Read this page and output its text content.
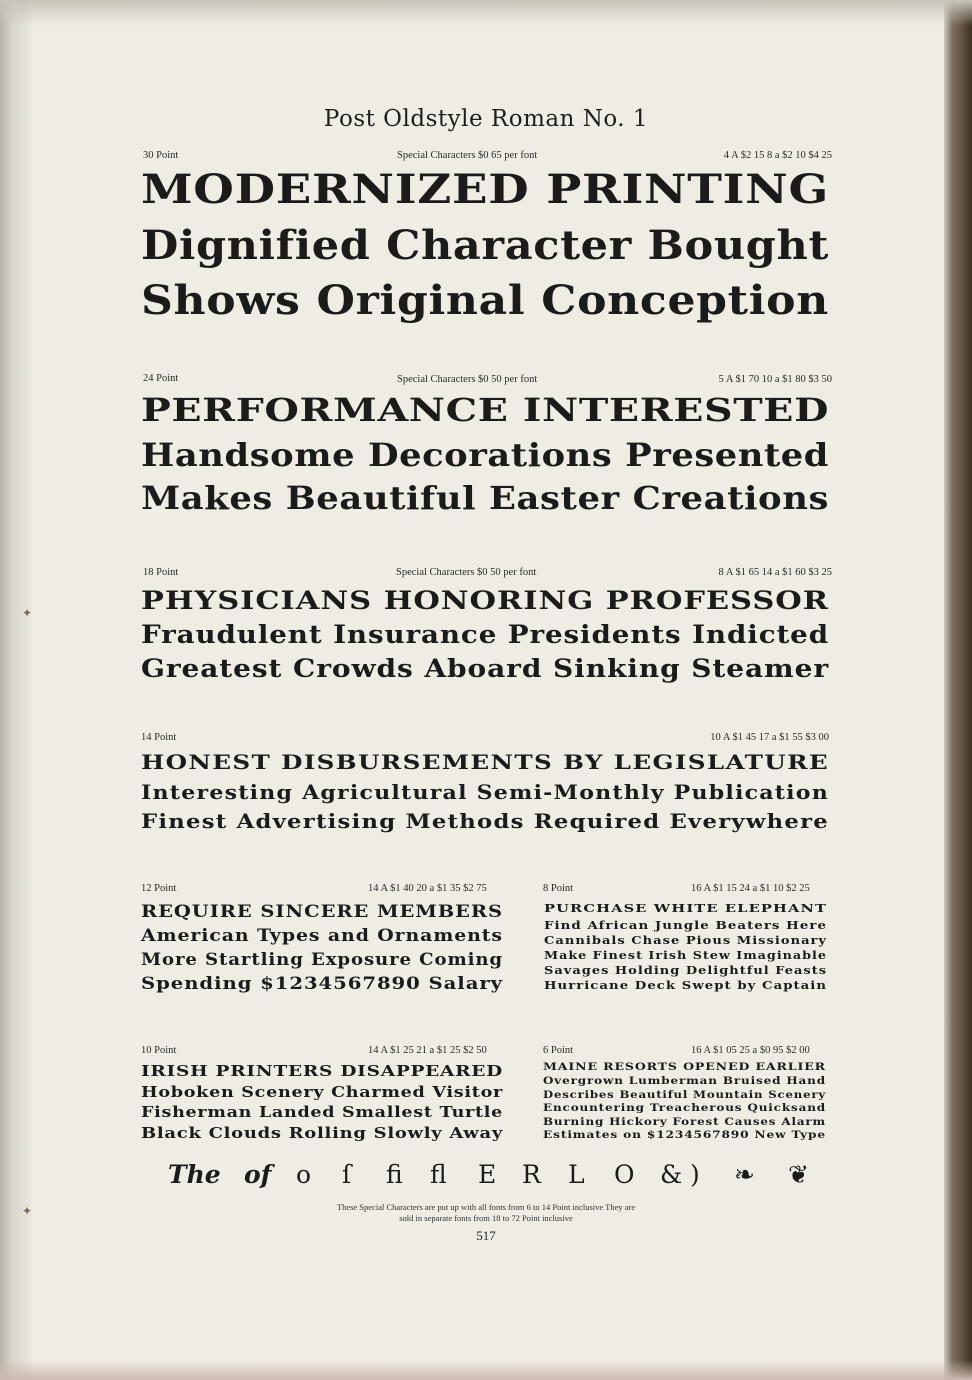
✦
✦
Post Oldstyle Roman No. 1
30 Point	Special Characters $0 65 per font	4 A $2 15 8 a $2 10 $4 25
MODERNIZED PRINTING
Dignified Character Bought
Shows Original Conception
24 Point	Special Characters $0 50 per font	5 A $1 70 10 a $1 80 $3 50
PERFORMANCE INTERESTED
Handsome Decorations Presented
Makes Beautiful Easter Creations
18 Point	Special Characters $0 50 per font	8 A $1 65 14 a $1 60 $3 25
PHYSICIANS HONORING PROFESSOR
Fraudulent Insurance Presidents Indicted
Greatest Crowds Aboard Sinking Steamer
14 Point	10 A $1 45 17 a $1 55 $3 00
HONEST DISBURSEMENTS BY LEGISLATURE
Interesting Agricultural Semi-Monthly Publication
Finest Advertising Methods Required Everywhere
12 Point	14 A $1 40 20 a $1 35 $2 75
REQUIRE SINCERE MEMBERS
American Types and Ornaments
More Startling Exposure Coming
Spending $1234567890 Salary
8 Point	16 A $1 15 24 a $1 10 $2 25
PURCHASE WHITE ELEPHANT
Find African Jungle Beaters Here
Cannibals Chase Pious Missionary
Make Finest Irish Stew Imaginable
Savages Holding Delightful Feasts
Hurricane Deck Swept by Captain
10 Point	14 A $1 25 21 a $1 25 $2 50
IRISH PRINTERS DISAPPEARED
Hoboken Scenery Charmed Visitor
Fisherman Landed Smallest Turtle
Black Clouds Rolling Slowly Away
6 Point	16 A $1 05 25 a $0 95 $2 00
MAINE RESORTS OPENED EARLIER
Overgrown Lumberman Bruised Hand
Describes Beautiful Mountain Scenery
Encountering Treacherous Quicksand
Burning Hickory Forest Causes Alarm
Estimates on $1234567890 New Type
The of o ſ ﬁ ﬂ E R L O & ) ❧ ❦
These Special Characters are put up with all fonts from 6 to 14 Point inclusive They are
sold in separate fonts from 18 to 72 Point inclusive
517
